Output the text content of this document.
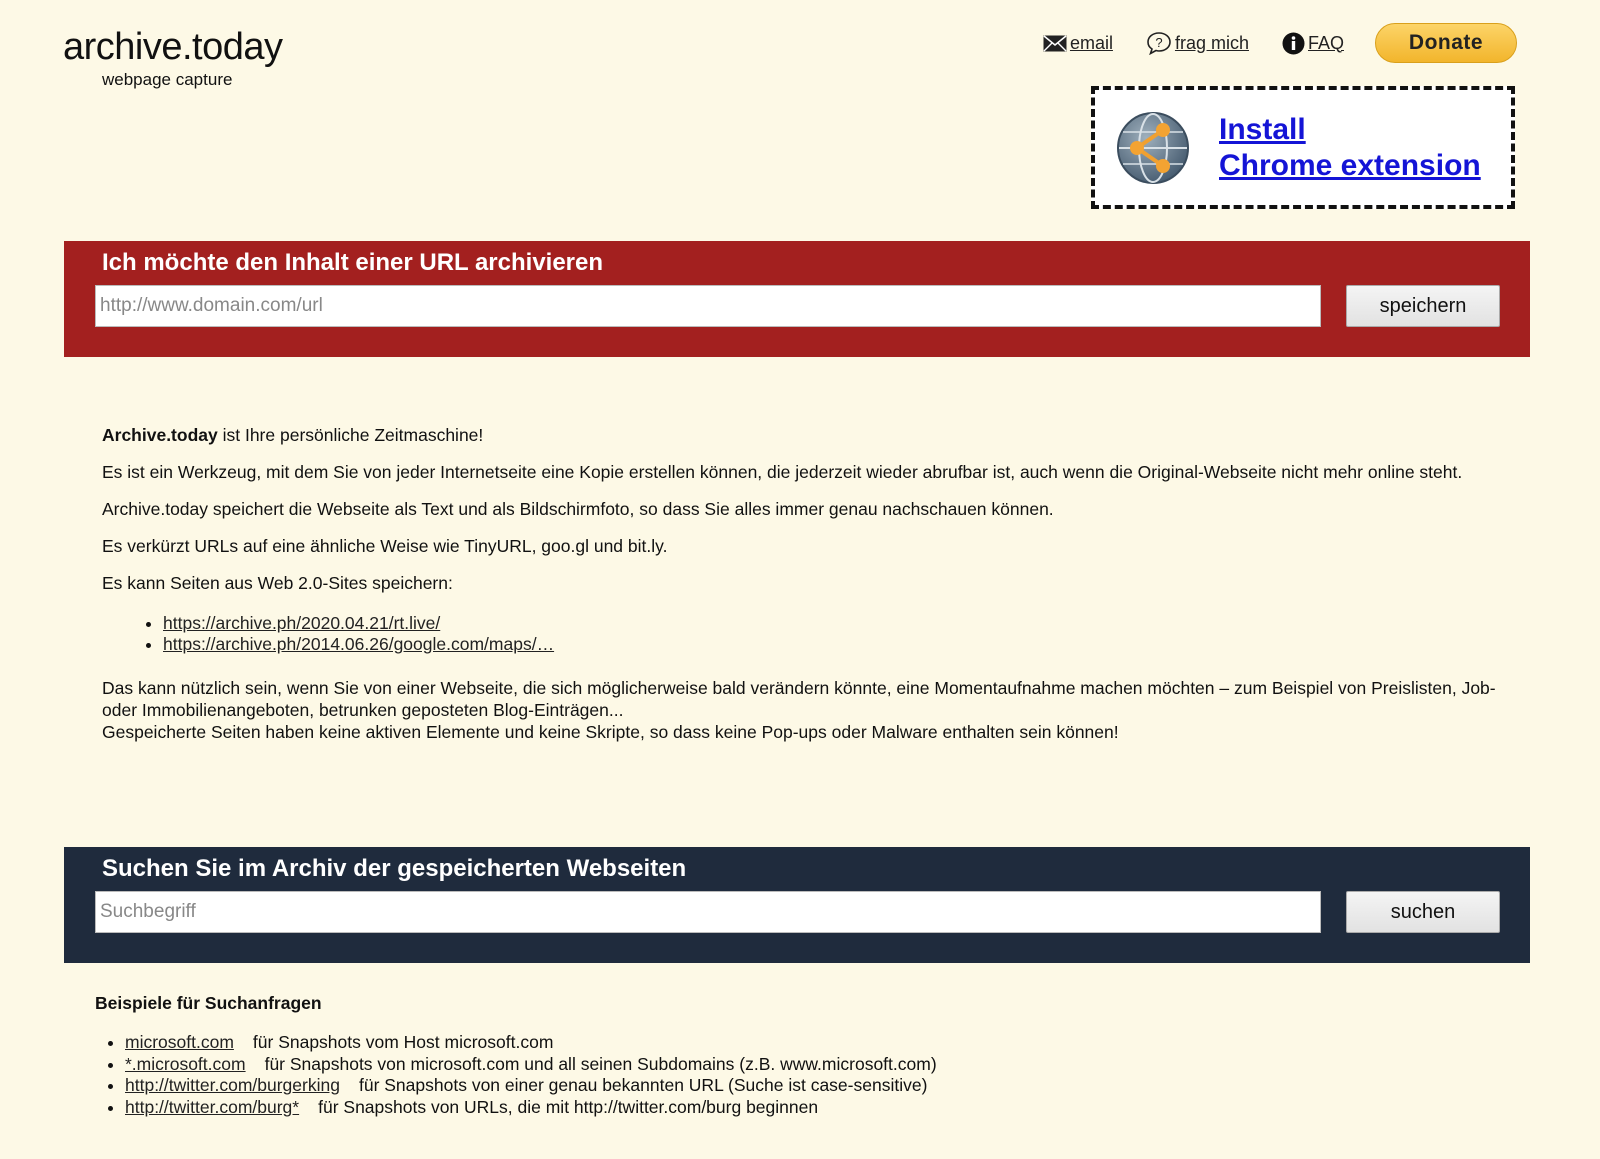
archive.today
webpage capture
email	? frag mich	FAQ	Donate
Install
Chrome extension
Ich möchte den Inhalt einer URL archivieren
http://www.domain.com/url
speichern

Archive.today ist Ihre persönliche Zeitmaschine!

Es ist ein Werkzeug, mit dem Sie von jeder Internetseite eine Kopie erstellen können, die jederzeit wieder abrufbar ist, auch wenn die Original-Webseite nicht mehr online steht.

Archive.today speichert die Webseite als Text und als Bildschirmfoto, so dass Sie alles immer genau nachschauen können.

Es verkürzt URLs auf eine ähnliche Weise wie TinyURL, goo.gl und bit.ly.

Es kann Seiten aus Web 2.0-Sites speichern:

• https://archive.ph/2020.04.21/rt.live/
• https://archive.ph/2014.06.26/google.com/maps/…
Das kann nützlich sein, wenn Sie von einer Webseite, die sich möglicherweise bald verändern könnte, eine Momentaufnahme machen möchten – zum Beispiel von Preislisten, Job- oder Immobilienangeboten, betrunken geposteten Blog-Einträgen...
Gespeicherte Seiten haben keine aktiven Elemente und keine Skripte, so dass keine Pop-ups oder Malware enthalten sein können!
Suchen Sie im Archiv der gespeicherten Webseiten
Suchbegriff
suchen
Beispiele für Suchanfragen
• microsoft.com für Snapshots vom Host microsoft.com
• *.microsoft.com für Snapshots von microsoft.com und all seinen Subdomains (z.B. www.microsoft.com)
• http://twitter.com/burgerking für Snapshots von einer genau bekannten URL (Suche ist case-sensitive)
• http://twitter.com/burg* für Snapshots von URLs, die mit http://twitter.com/burg beginnen
